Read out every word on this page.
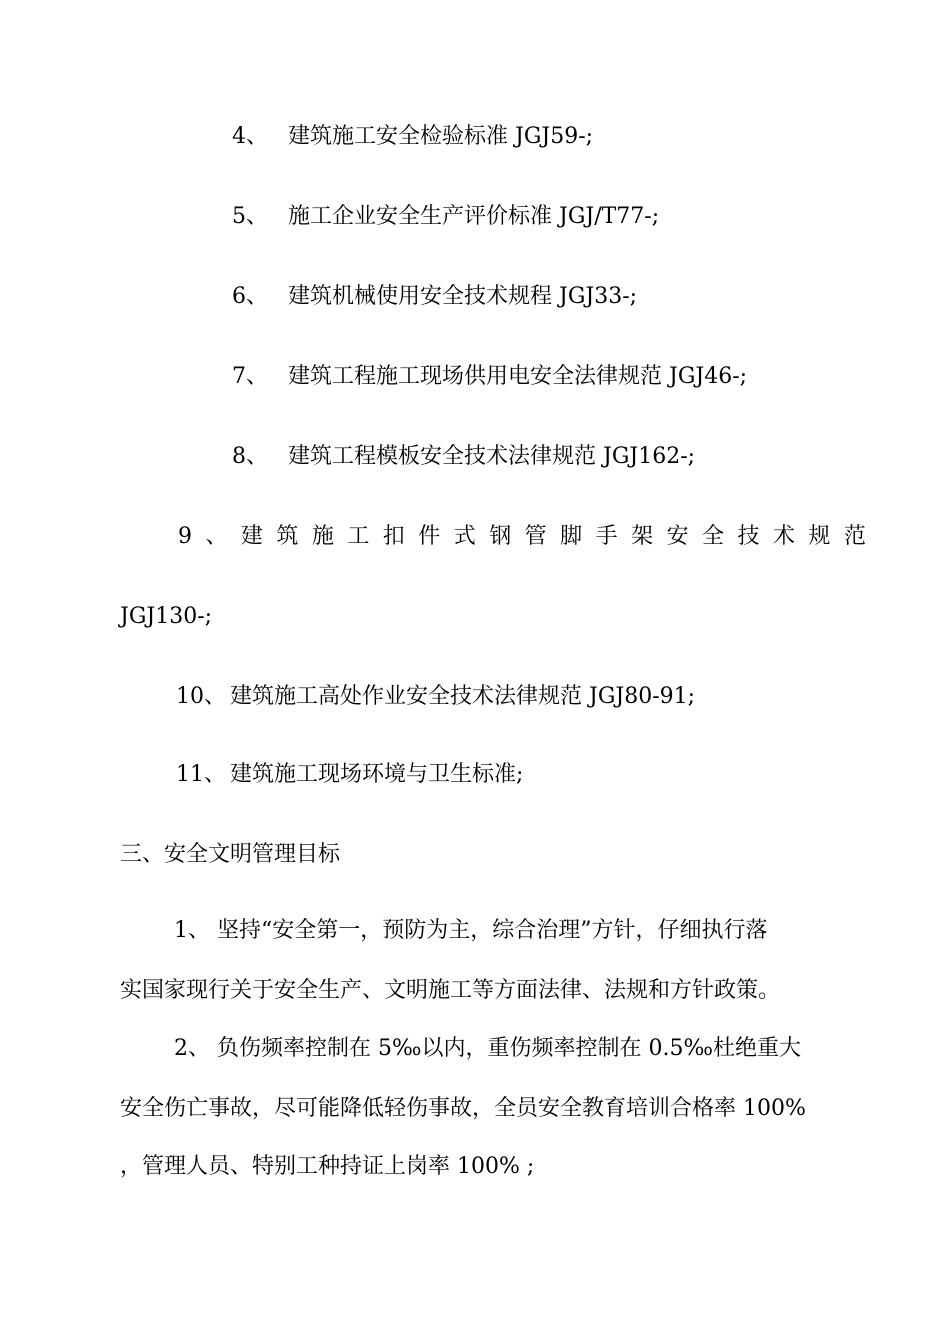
4、 建筑施工安全检验标准 JGJ59-;
5、 施工企业安全生产评价标准 JGJ/T77-;
6、 建筑机械使用安全技术规程 JGJ33-;
7、 建筑工程施工现场供用电安全法律规范 JGJ46-;
8、 建筑工程模板安全技术法律规范 JGJ162-;
9 、 建 筑 施 工 扣 件 式 钢 管 脚 手 架 安 全 技 术 规 范
JGJ130-;
10、 建筑施工高处作业安全技术法律规范 JGJ80-91;
11、 建筑施工现场环境与卫生标准;
三、安全文明管理目标
1、 坚持“安全第一，预防为主，综合治理”方针，仔细执行落
实国家现行关于安全生产、文明施工等方面法律、法规和方针政策。
2、 负伤频率控制在 5‰以内，重伤频率控制在 0.5‰杜绝重大
安全伤亡事故，尽可能降低轻伤事故，全员安全教育培训合格率 100%
，管理人员、特别工种持证上岗率 100% ;
